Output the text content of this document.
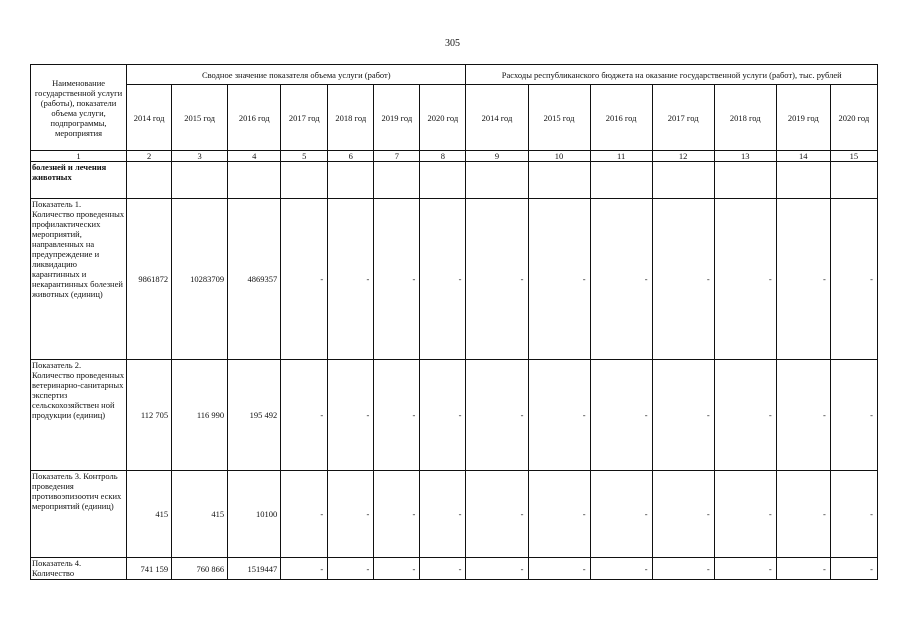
305
Наименование государственной услуги (работы), показатели объема услуги, подпрограммы, мероприятия	Сводное значение показателя объема услуги (работ)							Расходы республиканского бюджета на оказание государственной услуги (работ), тыс. рублей						
	2014 год	2015 год	2016 год	2017 год	2018 год	2019 год	2020 год	2014 год	2015 год	2016 год	2017 год	2018 год	2019 год	2020 год
1	2	3	4	5	6	7	8	9	10	11	12	13	14	15
болезней и лечения животных														
Показатель 1. Количество проведенных профилактических мероприятий, направленных на предупреждение и ликвидацию карантинных и некарантинных болезней животных (единиц)	9861872	10283709	4869357	-	-	-	-	-	-	-	-	-	-	-
Показатель 2. Количество проведенных ветеринарно-санитарных экспертиз сельскохозяйствен ной продукции (единиц)	112 705	116 990	195 492	-	-	-	-	-	-	-	-	-	-	-
Показатель 3. Контроль проведения противоэпизоотич еских мероприятий (единиц)	415	415	10100	-	-	-	-	-	-	-	-	-	-	-
Показатель 4. Количество	741 159	760 866	1519447	-	-	-	-	-	-	-	-	-	-	-
